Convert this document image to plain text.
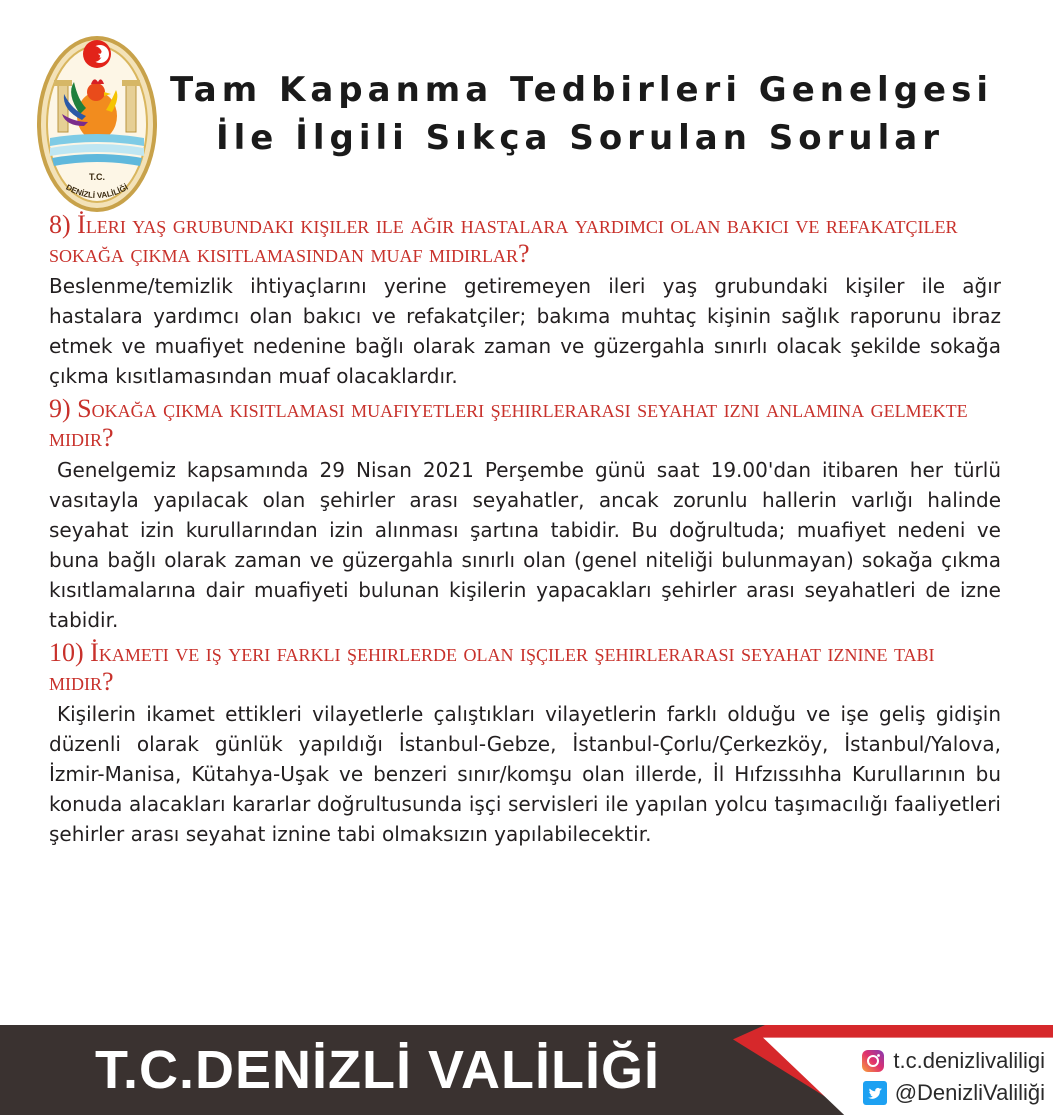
T.C.
DENİZLİ VALİLİĞİ
Tam Kapanma Tedbirleri Genelgesi
İle İlgili Sıkça Sorulan Sorular
8) İleri yaş grubundaki kişiler ile ağır hastalara yardımcı olan bakıcı ve refakatçiler sokağa çıkma kısıtlamasından muaf mıdırlar?
Beslenme/temizlik ihtiyaçlarını yerine getiremeyen ileri yaş grubundaki kişiler ile ağır hastalara yardımcı olan bakıcı ve refakatçiler; bakıma muhtaç kişinin sağlık raporunu ibraz etmek ve muafiyet nedenine bağlı olarak zaman ve güzergahla sınırlı olacak şekilde sokağa çıkma kısıtlamasından muaf olacaklardır.
9) Sokağa çıkma kısıtlaması muafiyetleri şehirlerarası seyahat izni anlamına gelmekte midir?
Genelgemiz kapsamında 29 Nisan 2021 Perşembe günü saat 19.00'dan itibaren her türlü vasıtayla yapılacak olan şehirler arası seyahatler, ancak zorunlu hallerin varlığı halinde seyahat izin kurullarından izin alınması şartına tabidir. Bu doğrultuda; muafiyet nedeni ve buna bağlı olarak zaman ve güzergahla sınırlı olan (genel niteliği bulunmayan) sokağa çıkma kısıtlamalarına dair muafiyeti bulunan kişilerin yapacakları şehirler arası seyahatleri de izne tabidir.
10) İkameti ve iş yeri farklı şehirlerde olan işçiler şehirlerarası seyahat iznine tabi midir?
Kişilerin ikamet ettikleri vilayetlerle çalıştıkları vilayetlerin farklı olduğu ve işe geliş gidişin düzenli olarak günlük yapıldığı İstanbul-Gebze, İstanbul-Çorlu/Çerkezköy, İstanbul/Yalova, İzmir-Manisa, Kütahya-Uşak ve benzeri sınır/komşu olan illerde, İl Hıfzıssıhha Kurullarının bu konuda alacakları kararlar doğrultusunda işçi servisleri ile yapılan yolcu taşımacılığı faaliyetleri şehirler arası seyahat iznine tabi olmaksızın yapılabilecektir.
T.C.DENİZLİ VALİLİĞİ	t.c.denizlivaliligi
@DenizliValiliği
